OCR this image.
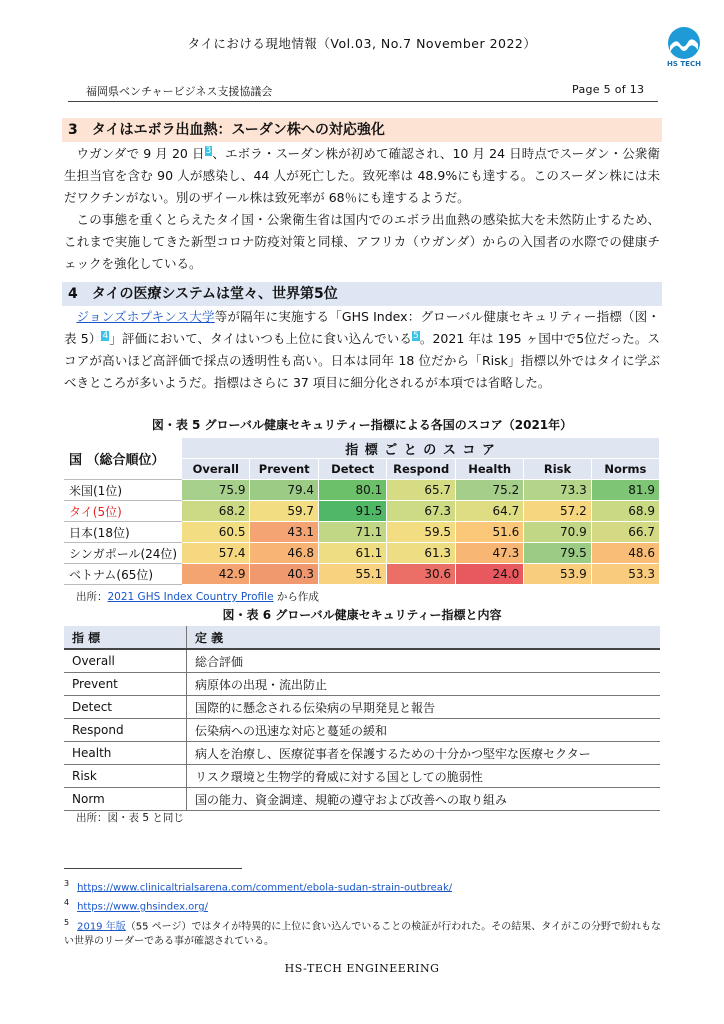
タイにおける現地情報（Vol.03, No.7 November 2022）
HS TECH
福岡県ベンチャービジネス支援協議会	Page 5 of 13
3　タイはエボラ出血熱：スーダン株への対応強化

ウガンダで 9 月 20 日$^3$、エボラ・スーダン株が初めて確認され、10 月 24 日時点でスーダン・公衆衛生担当官を含む 90 人が感染し、44 人が死亡した。致死率は 48.9%にも達する。このスーダン株には未だワクチンがない。別のザイール株は致死率が 68％にも達するようだ。

この事態を重くとらえたタイ国・公衆衛生省は国内でのエボラ出血熱の感染拡大を未然防止するため、これまで実施してきた新型コロナ防疫対策と同様、アフリカ（ウガンダ）からの入国者の水際での健康チェックを強化している。

4　タイの医療システムは堂々、世界第5位

ジョンズホプキンス大学等が隔年に実施する「GHS Index：グローバル健康セキュリティー指標（図・表 5）$^4$」評価において、タイはいつも上位に食い込んでいる$^5$。2021 年は 195 ヶ国中で5位だった。スコアが高いほど高評価で採点の透明性も高い。日本は同年 18 位だから「Risk」指標以外ではタイに学ぶべきところが多いようだ。指標はさらに 37 項目に細分化されるが本項では省略した。

図・表 5 グローバル健康セキュリティー指標による各国のスコア（2021年）
国 （総合順位）	指 標 ご と の ス コ ア						
	Overall	Prevent	Detect	Respond	Health	Risk	Norms
米国(1位)	75.9	79.4	80.1	65.7	75.2	73.3	81.9
タイ(5位)	68.2	59.7	91.5	67.3	64.7	57.2	68.9
日本(18位)	60.5	43.1	71.1	59.5	51.6	70.9	66.7
シンガポール(24位)	57.4	46.8	61.1	61.3	47.3	79.5	48.6
ベトナム(65位)	42.9	40.3	55.1	30.6	24.0	53.9	53.3
出所：2021 GHS Index Country Profile から作成
図・表 6 グローバル健康セキュリティー指標と内容
指 標	定 義
Overall	総合評価
Prevent	病原体の出現・流出防止
Detect	国際的に懸念される伝染病の早期発見と報告
Respond	伝染病への迅速な対応と蔓延の緩和
Health	病人を治療し、医療従事者を保護するための十分かつ堅牢な医療セクター
Risk	リスク環境と生物学的脅威に対する国としての脆弱性
Norm	国の能力、資金調達、規範の遵守および改善への取り組み
出所：図・表 5 と同じ

$^3$ https://www.clinicaltrialsarena.com/comment/ebola-sudan-strain-outbreak/

$^4$ https://www.ghsindex.org/

$^5$ 2019 年版（55 ページ）ではタイが特異的に上位に食い込んでいることの検証が行われた。その結果、タイがこの分野で紛れもない世界のリーダーである事が確認されている。

HS-TECH ENGINEERING
